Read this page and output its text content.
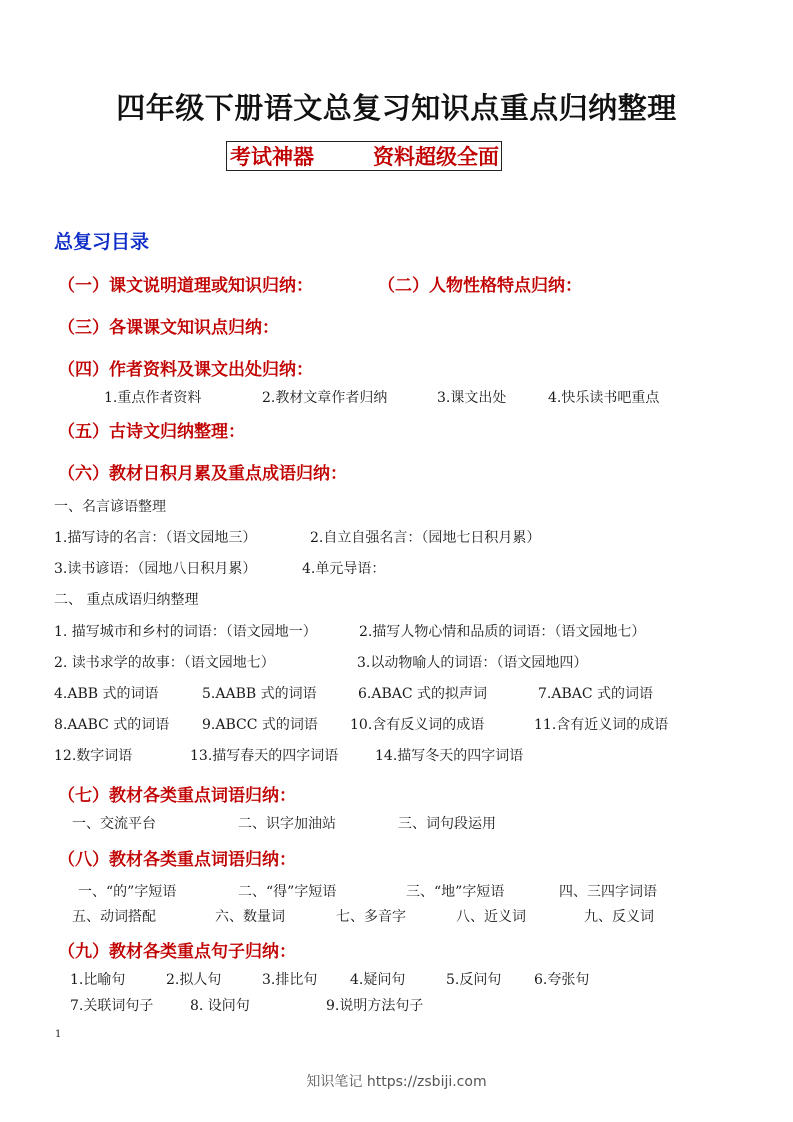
四年级下册语文总复习知识点重点归纳整理
考试神器	资料超级全面
总复习目录
（一）课文说明道理或知识归纳：	（二）人物性格特点归纳：
（三）各课课文知识点归纳：
（四）作者资料及课文出处归纳：
1.重点作者资料	2.教材文章作者归纳	3.课文出处	4.快乐读书吧重点
（五）古诗文归纳整理：
（六）教材日积月累及重点成语归纳：
一、名言谚语整理
1.描写诗的名言：（语文园地三）	2.自立自强名言：（园地七日积月累）
3.读书谚语：（园地八日积月累）	4.单元导语：
二、 重点成语归纳整理
1. 描写城市和乡村的词语：（语文园地一）	2.描写人物心情和品质的词语：（语文园地七）
2. 读书求学的故事：（语文园地七）	3.以动物喻人的词语：（语文园地四）
4.ABB 式的词语	5.AABB 式的词语	6.ABAC 式的拟声词	7.ABAC 式的词语
8.AABC 式的词语 9.ABCC 式的词语 10.含有反义词的成语	11.含有近义词的成语
12.数字词语	13.描写春天的四字词语	14.描写冬天的四字词语
（七）教材各类重点词语归纳：
一、交流平台	二、识字加油站	三、词句段运用
（八）教材各类重点词语归纳：
一、“的”字短语	二、“得”字短语	三、“地”字短语	四、三四字词语
五、动词搭配	六、数量词	七、多音字	八、近义词	九、反义词
（九）教材各类重点句子归纳：
1.比喻句	2.拟人句	3.排比句 4.疑问句	5.反问句 6.夸张句
7.关联词句子	8. 设问句	9.说明方法句子
1
知识笔记 https://zsbiji.com
